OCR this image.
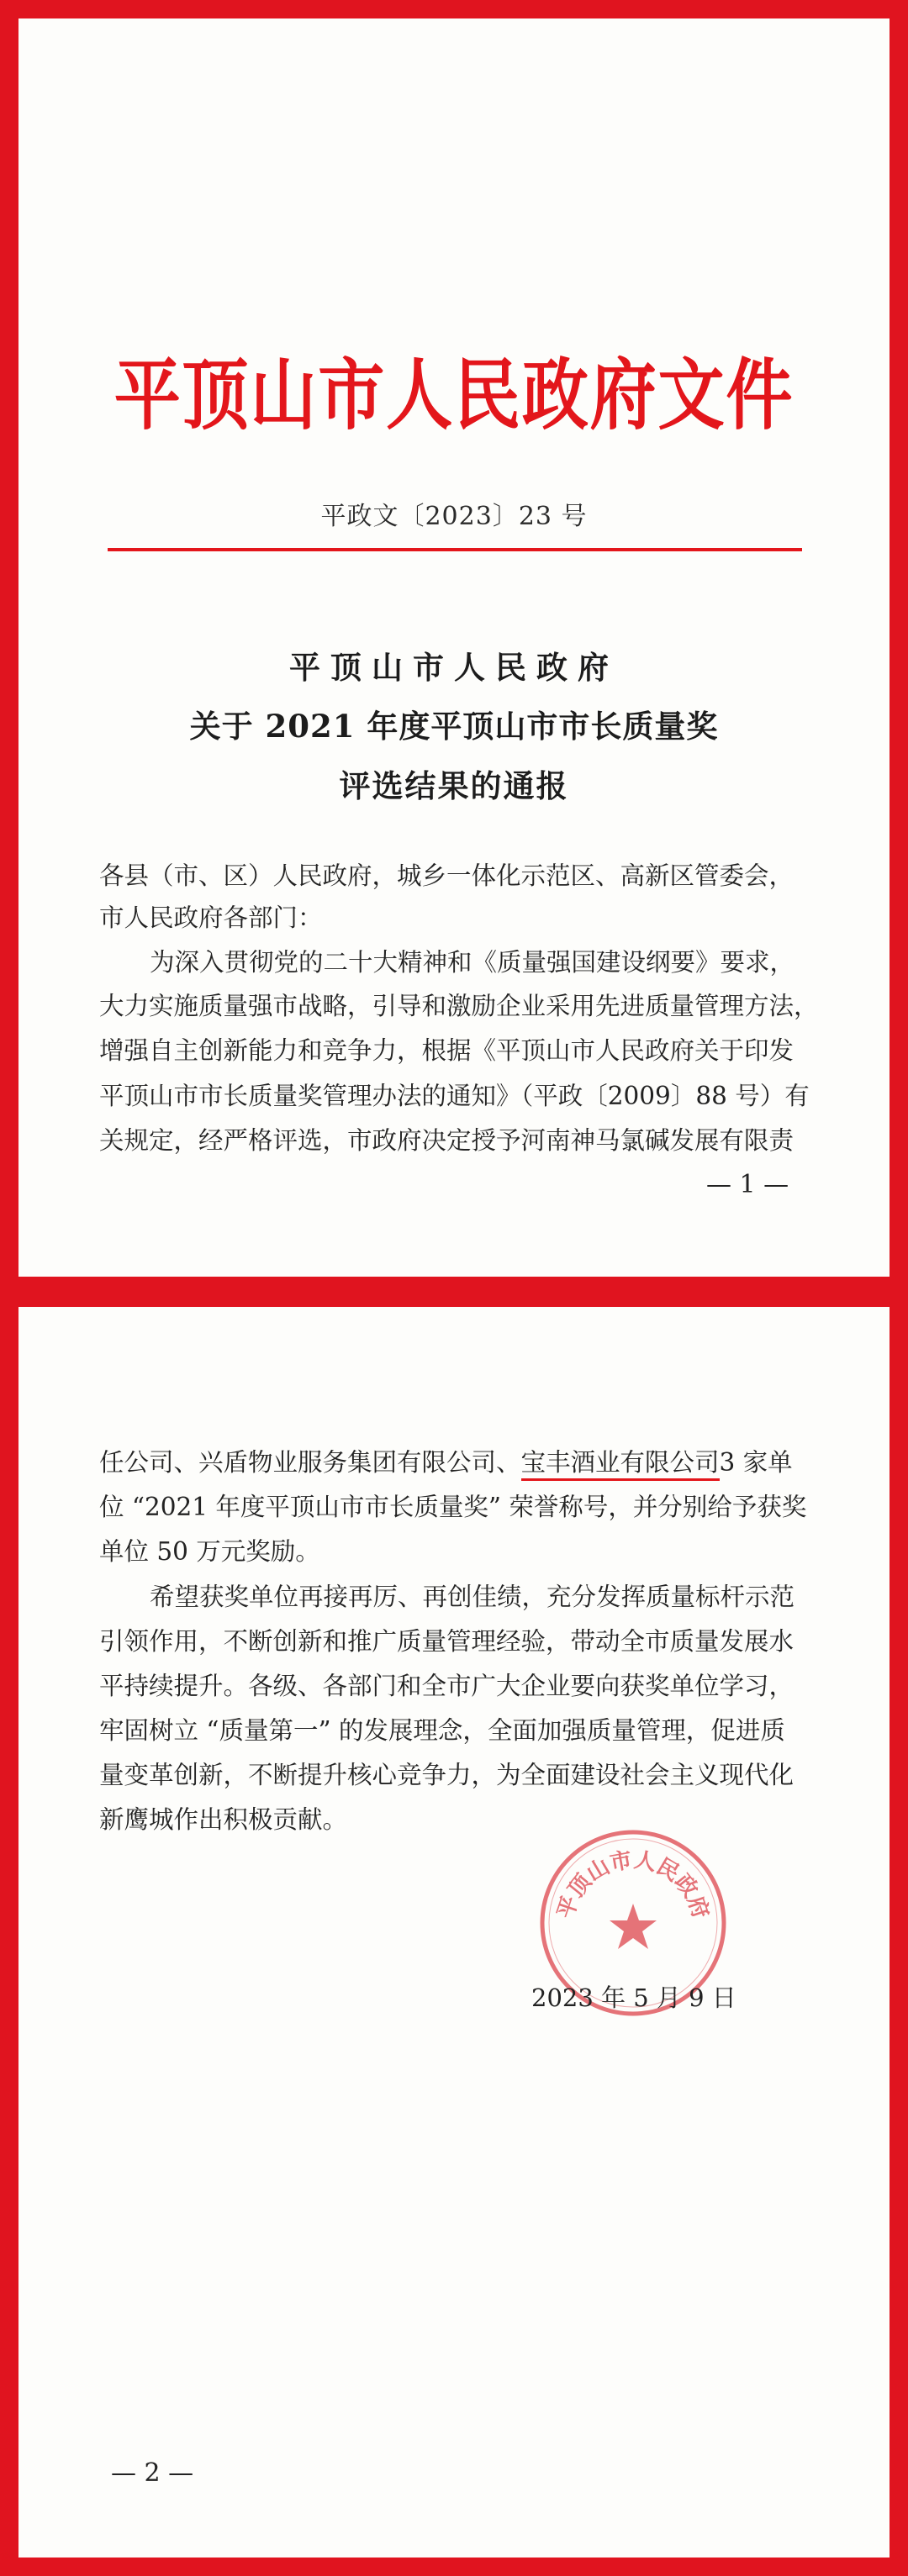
平顶山市人民政府文件
平政文〔2023〕23 号
平顶山市人民政府
关于 2021 年度平顶山市市长质量奖
评选结果的通报
各县（市、区）人民政府，城乡一体化示范区、高新区管委会，
市人民政府各部门：
为深入贯彻党的二十大精神和《质量强国建设纲要》要求，
大力实施质量强市战略，引导和激励企业采用先进质量管理方法，
增强自主创新能力和竞争力，根据《平顶山市人民政府关于印发
平顶山市市长质量奖管理办法的通知》（平政〔2009〕88 号）有
关规定，经严格评选，市政府决定授予河南神马氯碱发展有限责
— 1 —
任公司、兴盾物业服务集团有限公司、宝丰酒业有限公司3 家单
位 “2021 年度平顶山市市长质量奖” 荣誉称号，并分别给予获奖
单位 50 万元奖励。
希望获奖单位再接再厉、再创佳绩，充分发挥质量标杆示范
引领作用，不断创新和推广质量管理经验，带动全市质量发展水
平持续提升。各级、各部门和全市广大企业要向获奖单位学习，
牢固树立 “质量第一” 的发展理念，全面加强质量管理，促进质
量变革创新，不断提升核心竞争力，为全面建设社会主义现代化
新鹰城作出积极贡献。
平顶山市人民政府
2023 年 5 月 9 日
— 2 —
